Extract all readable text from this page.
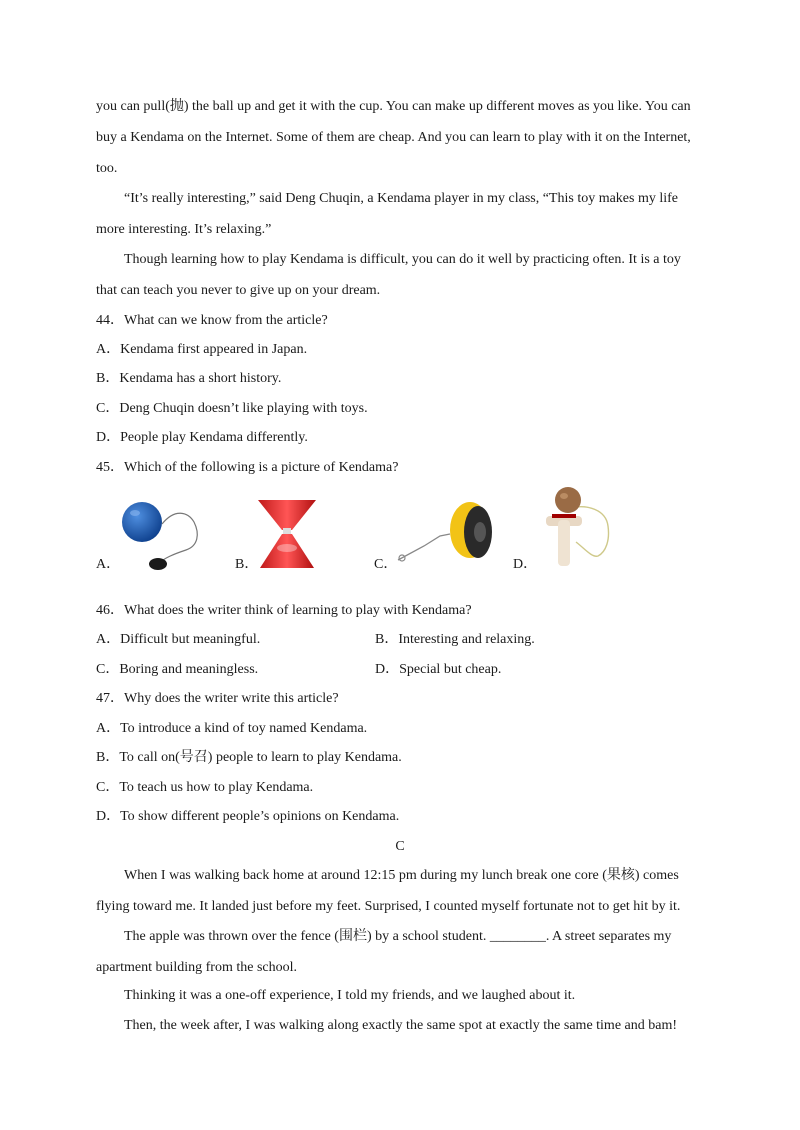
you can pull(抛) the ball up and get it with the cup. You can make up different moves as you like. You can
buy a Kendama on the Internet. Some of them are cheap. And you can learn to play with it on the Internet,
too.
“It’s really interesting,” said Deng Chuqin, a Kendama player in my class, “This toy makes my life
more interesting. It’s relaxing.”
Though learning how to play Kendama is difficult, you can do it well by practicing often. It is a toy
that can teach you never to give up on your dream.
44．What can we know from the article?
A．Kendama first appeared in Japan.
B．Kendama has a short history.
C．Deng Chuqin doesn’t like playing with toys.
D．People play Kendama differently.
45．Which of the following is a picture of Kendama?
A．	B．	C．	D．
46．What does the writer think of learning to play with Kendama?
A．Difficult but meaningful.	B．Interesting and relaxing.
C．Boring and meaningless.	D．Special but cheap.
47．Why does the writer write this article?
A．To introduce a kind of toy named Kendama.
B．To call on(号召) people to learn to play Kendama.
C．To teach us how to play Kendama.
D．To show different people’s opinions on Kendama.
C
When I was walking back home at around 12:15 pm during my lunch break one core (果核) comes
flying toward me. It landed just before my feet. Surprised, I counted myself fortunate not to get hit by it.
The apple was thrown over the fence (围栏) by a school student. ________. A street separates my
apartment building from the school.
Thinking it was a one-off experience, I told my friends, and we laughed about it.
Then, the week after, I was walking along exactly the same spot at exactly the same time and bam!
